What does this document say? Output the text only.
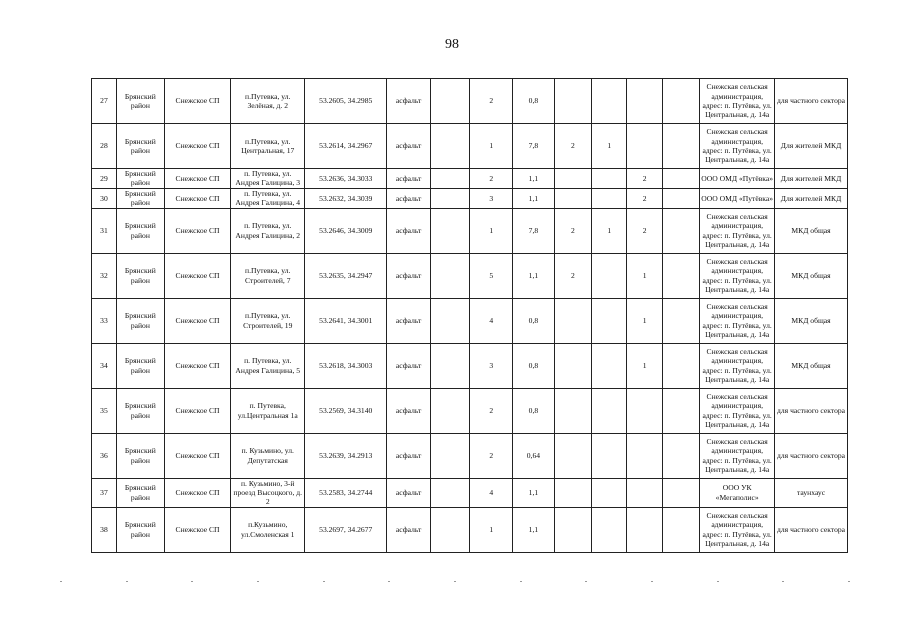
98
27	Брянский район	Снежское СП	п.Путевка, ул. Зелёная, д. 2	53.2605, 34.2985	асфальт		2	0,8					Снежская сельская администрация, адрес: п. Путёвка, ул. Центральная, д. 14а	для частного сектора
28	Брянский район	Снежское СП	п.Путевка, ул. Центральная, 17	53.2614, 34.2967	асфальт		1	7,8	2	1			Снежская сельская администрация, адрес: п. Путёвка, ул. Центральная, д. 14а	Для жителей МКД
29	Брянский район	Снежское СП	п. Путевка, ул. Андрея Галицина, 3	53.2636, 34.3033	асфальт		2	1,1			2		ООО ОМД «Путёвка»	Для жителей МКД
30	Брянский район	Снежское СП	п. Путевка, ул. Андрея Галицина, 4	53.2632, 34.3039	асфальт		3	1,1			2		ООО ОМД «Путёвка»	Для жителей МКД
31	Брянский район	Снежское СП	п. Путевка, ул. Андрея Галицина, 2	53.2646, 34.3009	асфальт		1	7,8	2	1	2		Снежская сельская администрация, адрес: п. Путёвка, ул. Центральная, д. 14а	МКД общая
32	Брянский район	Снежское СП	п.Путевка, ул. Строителей, 7	53.2635, 34.2947	асфальт		5	1,1	2		1		Снежская сельская администрация, адрес: п. Путёвка, ул. Центральная, д. 14а	МКД общая
33	Брянский район	Снежское СП	п.Путевка, ул. Строителей, 19	53.2641, 34.3001	асфальт		4	0,8			1		Снежская сельская администрация, адрес: п. Путёвка, ул. Центральная, д. 14а	МКД общая
34	Брянский район	Снежское СП	п. Путевка, ул. Андрея Галицина, 5	53.2618, 34.3003	асфальт		3	0,8			1		Снежская сельская администрация, адрес: п. Путёвка, ул. Центральная, д. 14а	МКД общая
35	Брянский район	Снежское СП	п. Путевка, ул.Центральная 1а	53.2569, 34.3140	асфальт		2	0,8					Снежская сельская администрация, адрес: п. Путёвка, ул. Центральная, д. 14а	для частного сектора
36	Брянский район	Снежское СП	п. Кузьмино, ул. Депутатская	53.2639, 34.2913	асфальт		2	0,64					Снежская сельская администрация, адрес: п. Путёвка, ул. Центральная, д. 14а	для частного сектора
37	Брянский район	Снежское СП	п. Кузьмино, 3-й проезд Высоцкого, д. 2	53.2583, 34.2744	асфальт		4	1,1					ООО УК «Мегаполис»	таунхаус
38	Брянский район	Снежское СП	п.Кузьмино, ул.Смоленская 1	53.2697, 34.2677	асфальт		1	1,1					Снежская сельская администрация, адрес: п. Путёвка, ул. Центральная, д. 14а	для частного сектора
